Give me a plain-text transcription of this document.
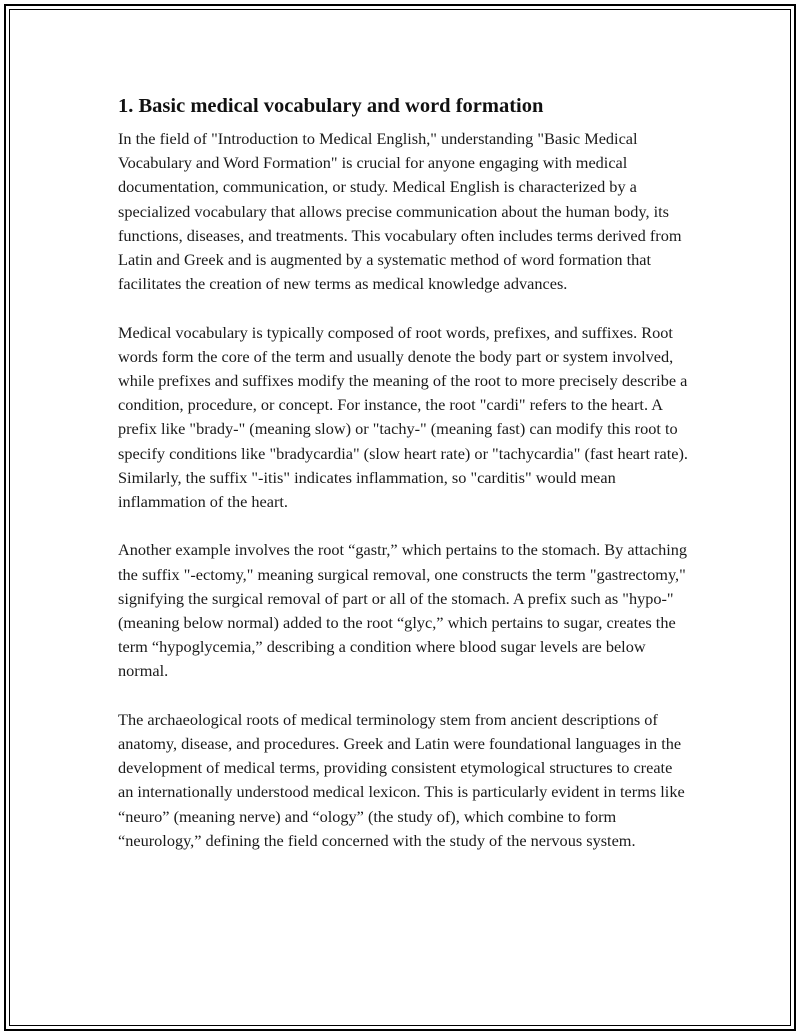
1. Basic medical vocabulary and word formation

In the field of "Introduction to Medical English," understanding "Basic Medical Vocabulary and Word Formation" is crucial for anyone engaging with medical documentation, communication, or study. Medical English is characterized by a specialized vocabulary that allows precise communication about the human body, its functions, diseases, and treatments. This vocabulary often includes terms derived from Latin and Greek and is augmented by a systematic method of word formation that facilitates the creation of new terms as medical knowledge advances.

Medical vocabulary is typically composed of root words, prefixes, and suffixes. Root words form the core of the term and usually denote the body part or system involved, while prefixes and suffixes modify the meaning of the root to more precisely describe a condition, procedure, or concept. For instance, the root "cardi" refers to the heart. A prefix like "brady-" (meaning slow) or "tachy-" (meaning fast) can modify this root to specify conditions like "bradycardia" (slow heart rate) or "tachycardia" (fast heart rate). Similarly, the suffix "-itis" indicates inflammation, so "carditis" would mean inflammation of the heart.

Another example involves the root “gastr,” which pertains to the stomach. By attaching the suffix "-ectomy," meaning surgical removal, one constructs the term "gastrectomy," signifying the surgical removal of part or all of the stomach. A prefix such as "hypo-" (meaning below normal) added to the root “glyc,” which pertains to sugar, creates the term “hypoglycemia,” describing a condition where blood sugar levels are below normal.

The archaeological roots of medical terminology stem from ancient descriptions of anatomy, disease, and procedures. Greek and Latin were foundational languages in the development of medical terms, providing consistent etymological structures to create an internationally understood medical lexicon. This is particularly evident in terms like “neuro” (meaning nerve) and “ology” (the study of), which combine to form “neurology,” defining the field concerned with the study of the nervous system.
